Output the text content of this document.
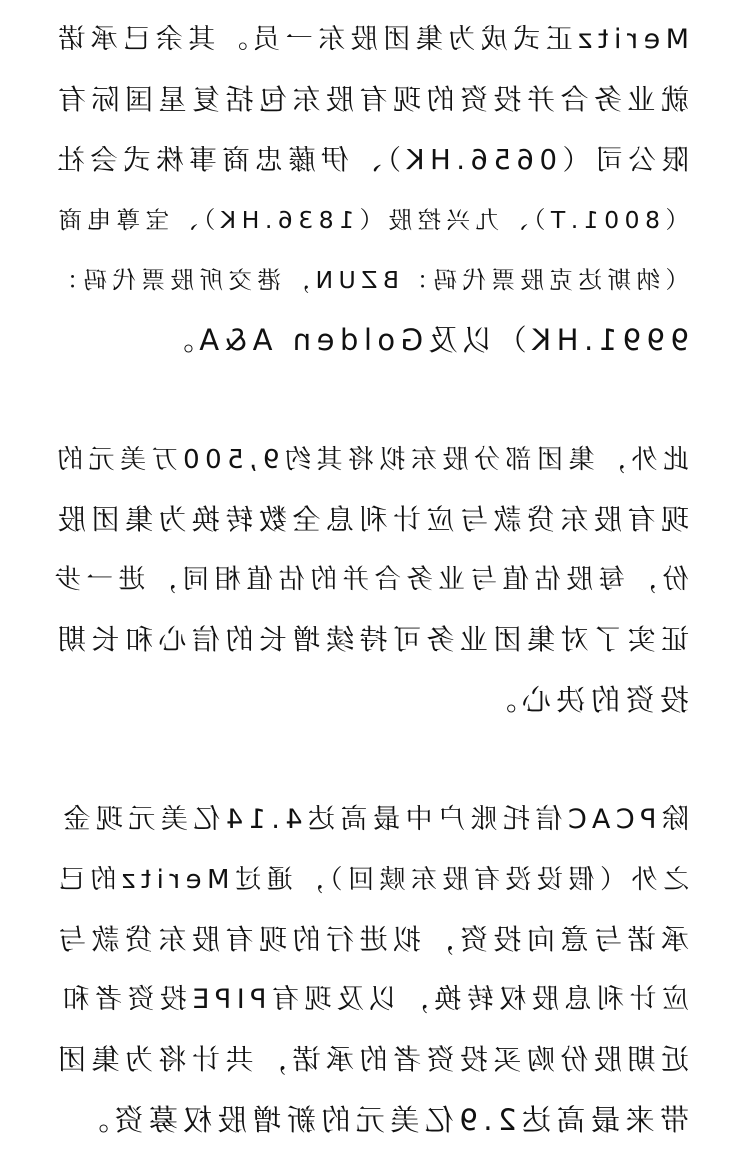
Meritz正式成为集团股东一员。其余已承诺
就业务合并投资的现有股东包括复星国际有
限公司（0656.HK）、伊藤忠商事株式会社
（8001.T）、九兴控股（1836.HK）、宝尊电商
（纳斯达克股票代码：BZUN，港交所股票代码：
9991.HK）以及Golden A&A。
此外，集团部分股东拟将其约9,500万美元的
现有股东贷款与应计利息全数转换为集团股
份，每股估值与业务合并的估值相同，进一步
证实了对集团业务可持续增长的信心和长期
投资的决心。
除PCAC信托账户中最高达4.14亿美元现金
之外（假设没有股东赎回），通过Meritz的已
承诺与意向投资，拟进行的现有股东贷款与
应计利息股权转换，以及现有PIPE投资者和
近期股份购买投资者的承诺，共计将为集团
带来最高达2.9亿美元的新增股权募资。
